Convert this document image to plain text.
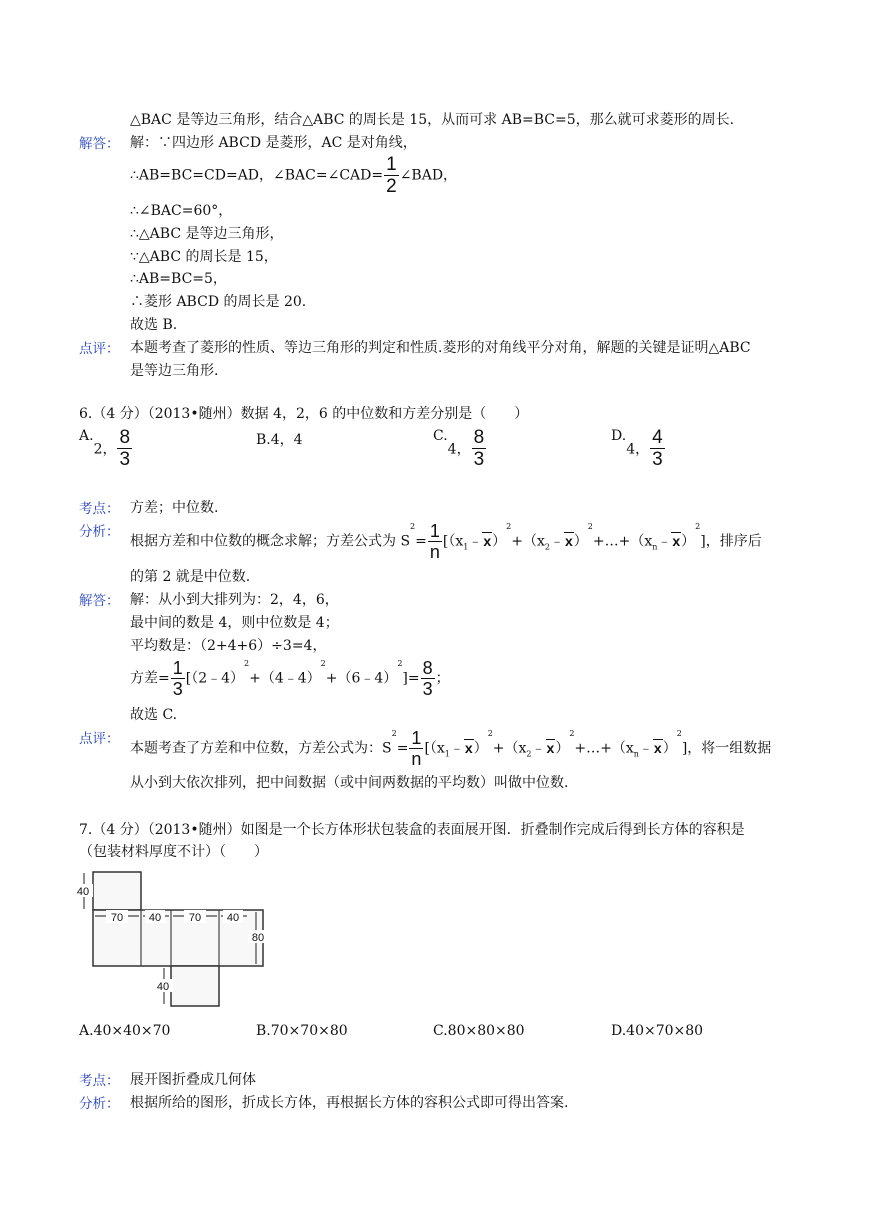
△BAC 是等边三角形，结合△ABC 的周长是 15，从而可求 AB=BC=5，那么就可求菱形的周长.
解答： 解：∵四边形 ABCD 是菱形，AC 是对角线，
∴AB=BC=CD=AD，∠BAC=∠CAD= $\frac{1}{2}$ ∠BAD，
∴∠BAC=60°，
∴△ABC 是等边三角形，
∵△ABC 的周长是 15，
∴AB=BC=5，
∴菱形 ABCD 的周长是 20.
故选 B.
点评： 本题考查了菱形的性质、等边三角形的判定和性质.菱形的对角线平分对角，解题的关键是证明△ABC
是等边三角形.
6.（4 分）（2013•随州）数据 4，2，6 的中位数和方差分别是（　　）
A.2， $\frac{8}{3}$	B.4，4	C.4， $\frac{8}{3}$	D.4， $\frac{4}{3}$
考点： 方差；中位数.
分析：
根据方差和中位数的概念求解；方差公式为 $S^2= \frac{1}{n}$ $[(x_1﹣x)^2+(x_2﹣x)^2+\dots+(x_n﹣x)^2]$，排序后
的第 2 就是中位数.
解答： 解：从小到大排列为：2，4，6，
最中间的数是 4，则中位数是 4；
平均数是：（2+4+6）÷3=4，
方差= $\frac{1}{3}$ [（2﹣4）$^2$+（4﹣4）$^2$+（6﹣4）$^2$]= $\frac{8}{3}$ ；
故选 C.
点评：
本题考查了方差和中位数，方差公式为：$S^2= \frac{1}{n}$ $[(x_1﹣x)^2+(x_2﹣x)^2+\dots+(x_n﹣x)^2]$，将一组数据
从小到大依次排列，把中间数据（或中间两数据的平均数）叫做中位数.
7.（4 分）（2013•随州）如图是一个长方体形状包装盒的表面展开图．折叠制作完成后得到长方体的容积是
（包装材料厚度不计）（　　）
40
70 40	70 40
80
40
A.40×40×70	B.70×70×80	C.80×80×80	D.40×70×80
考点： 展开图折叠成几何体
分析： 根据所给的图形，折成长方体，再根据长方体的容积公式即可得出答案.
